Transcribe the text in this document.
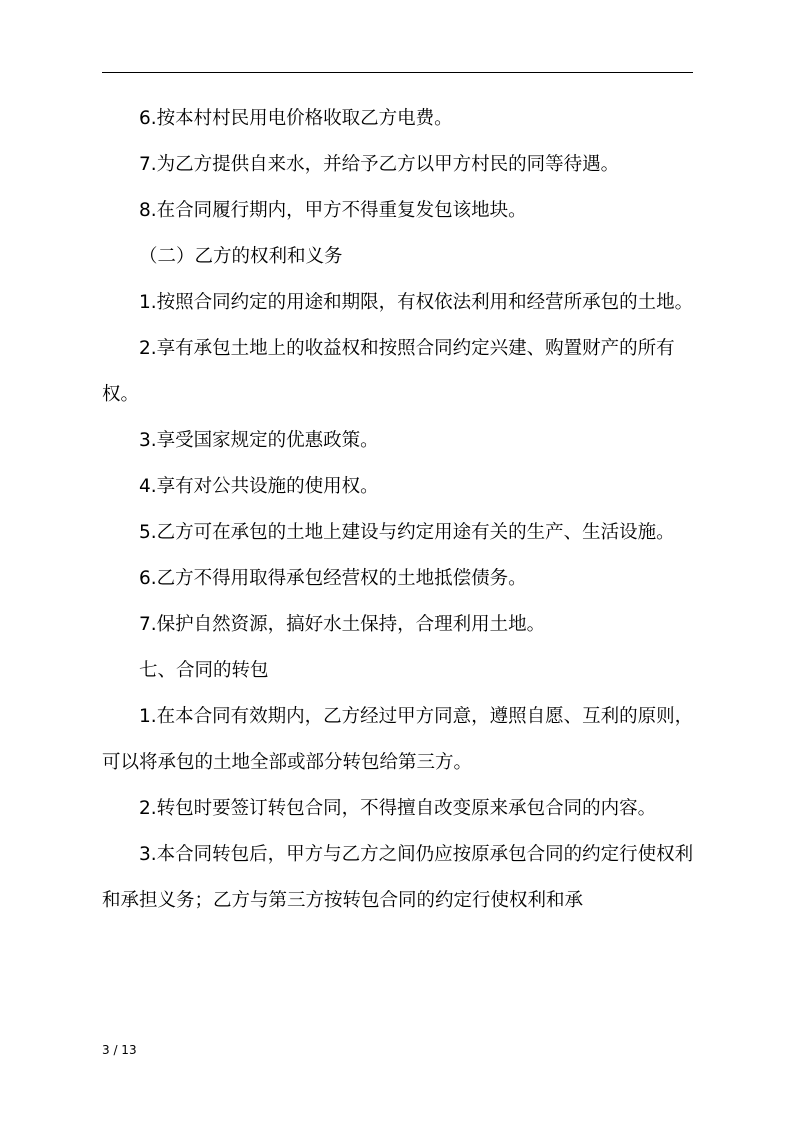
6.按本村村民用电价格收取乙方电费。

7.为乙方提供自来水，并给予乙方以甲方村民的同等待遇。

8.在合同履行期内，甲方不得重复发包该地块。

（二）乙方的权利和义务

1.按照合同约定的用途和期限，有权依法利用和经营所承包的土地。

2.享有承包土地上的收益权和按照合同约定兴建、购置财产的所有权。

3.享受国家规定的优惠政策。

4.享有对公共设施的使用权。

5.乙方可在承包的土地上建设与约定用途有关的生产、生活设施。

6.乙方不得用取得承包经营权的土地抵偿债务。

7.保护自然资源，搞好水土保持，合理利用土地。

七、合同的转包

1.在本合同有效期内，乙方经过甲方同意，遵照自愿、互利的原则，可以将承包的土地全部或部分转包给第三方。

2.转包时要签订转包合同，不得擅自改变原来承包合同的内容。

3.本合同转包后，甲方与乙方之间仍应按原承包合同的约定行使权利和承担义务；乙方与第三方按转包合同的约定行使权利和承

3 / 13
